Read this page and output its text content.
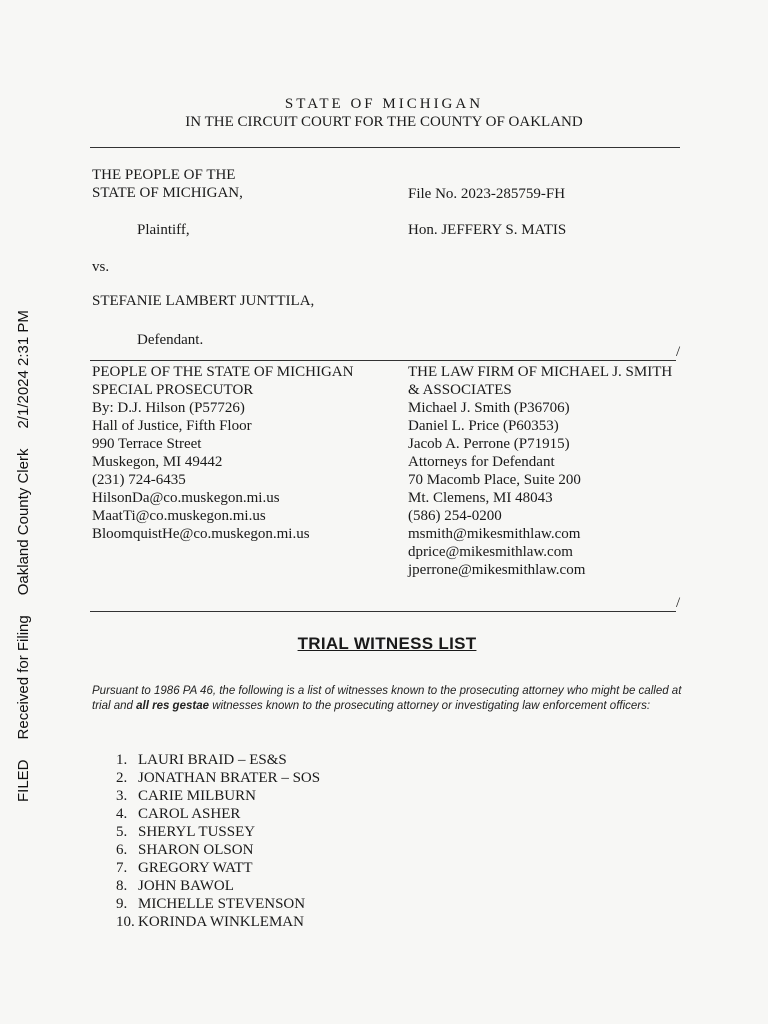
FILED
Received for Filing
Oakland County Clerk
2/1/2024 2:31 PM
STATE OF MICHIGAN
IN THE CIRCUIT COURT FOR THE COUNTY OF OAKLAND
THE PEOPLE OF THE
STATE OF MICHIGAN,
Plaintiff,
vs.
STEFANIE LAMBERT JUNTTILA,
Defendant.
File No. 2023-285759-FH
Hon. JEFFERY S. MATIS
/
PEOPLE OF THE STATE OF MICHIGAN
SPECIAL PROSECUTOR
By: D.J. Hilson (P57726)
Hall of Justice, Fifth Floor
990 Terrace Street
Muskegon, MI 49442
(231) 724-6435
HilsonDa@co.muskegon.mi.us
MaatTi@co.muskegon.mi.us
BloomquistHe@co.muskegon.mi.us
THE LAW FIRM OF MICHAEL J. SMITH
& ASSOCIATES
Michael J. Smith (P36706)
Daniel L. Price (P60353)
Jacob A. Perrone (P71915)
Attorneys for Defendant
70 Macomb Place, Suite 200
Mt. Clemens, MI 48043
(586) 254-0200
msmith@mikesmithlaw.com
dprice@mikesmithlaw.com
jperrone@mikesmithlaw.com
/
TRIAL WITNESS LIST
Pursuant to 1986 PA 46, the following is a list of witnesses known to the prosecuting attorney who might be called at trial and all res gestae witnesses known to the prosecuting attorney or investigating law enforcement officers:
1. LAURI BRAID – ES&S
2. JONATHAN BRATER – SOS
3. CARIE MILBURN
4. CAROL ASHER
5. SHERYL TUSSEY
6. SHARON OLSON
7. GREGORY WATT
8. JOHN BAWOL
9. MICHELLE STEVENSON
10. KORINDA WINKLEMAN
